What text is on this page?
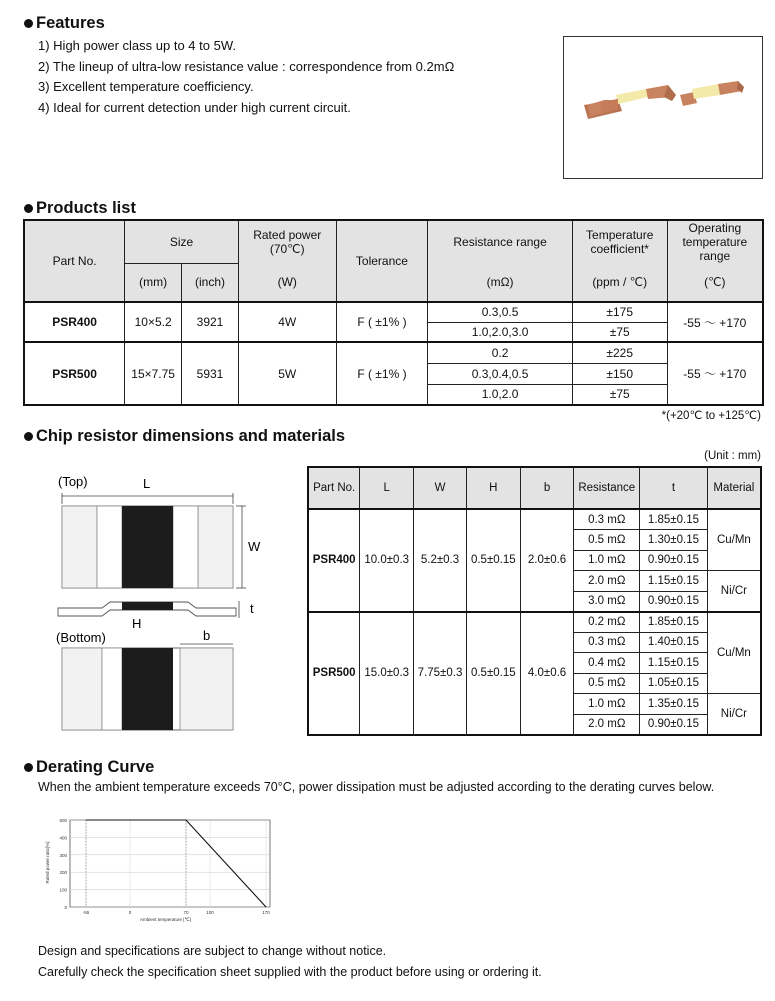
Features
1) High power class up to 4 to 5W.
2) The lineup of ultra-low resistance value : correspondence from 0.2mΩ
3) Excellent temperature coefficiency.
4) Ideal for current detection under high current circuit.
Products list
Part No.	Size		Rated power (70℃)	Tolerance	Resistance range	Temperature coefficient*	Operating temperature range
	(mm)	(inch)	(W)		(mΩ)	(ppm / ℃)	(℃)
PSR400	10×5.2	3921	4W	F ( ±1% )	0.3,0.5	±175	-55 ～ +170
					1.0,2.0,3.0	±75	
PSR500	15×7.75	5931	5W	F ( ±1% )	0.2	±225	-55 ～ +170
					0.3,0.4,0.5	±150	
					1.0,2.0	±75	
*(+20℃ to +125℃)
Chip resistor dimensions and materials
(Unit : mm)
(Top)	L
W
t
H
(Bottom)	b
Part No.	L	W	H	b	Resistance	t	Material
PSR400	10.0±0.3	5.2±0.3	0.5±0.15	2.0±0.6	0.3 mΩ	1.85±0.15	Cu/Mn
					0.5 mΩ	1.30±0.15	
					1.0 mΩ	0.90±0.15	
					2.0 mΩ	1.15±0.15	Ni/Cr
					3.0 mΩ	0.90±0.15	
PSR500	15.0±0.3	7.75±0.3	0.5±0.15	4.0±0.6	0.2 mΩ	1.85±0.15	Cu/Mn
					0.3 mΩ	1.40±0.15	
					0.4 mΩ	1.15±0.15	
					0.5 mΩ	1.05±0.15	
					1.0 mΩ	1.35±0.15	Ni/Cr
					2.0 mΩ	0.90±0.15	
Derating Curve
When the ambient temperature exceeds 70°C, power dissipation must be adjusted according to the derating curves below.
0
100
200
300
400
500
-55	0	70	100	170
Ambient temperature [℃]
Rated power ratio[%]
Design and specifications are subject to change without notice.
Carefully check the specification sheet supplied with the product before using or ordering it.
